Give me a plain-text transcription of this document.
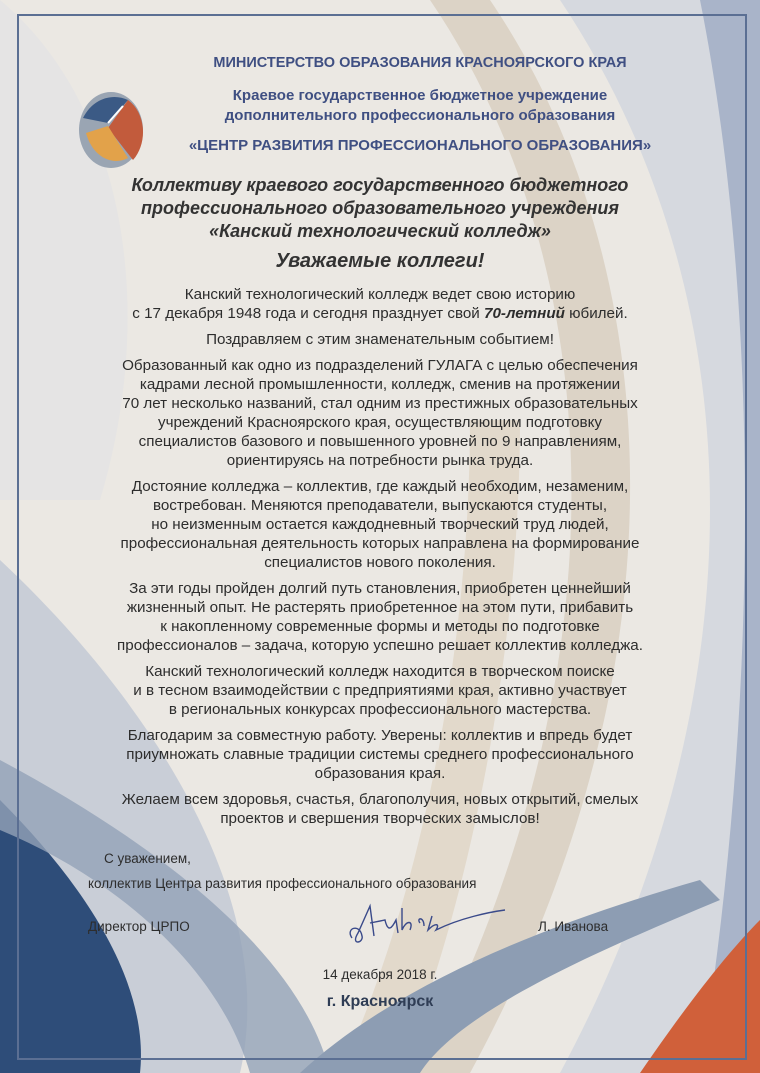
МИНИСТЕРСТВО ОБРАЗОВАНИЯ КРАСНОЯРСКОГО КРАЯ
Краевое государственное бюджетное учреждение
дополнительного профессионального образования
«ЦЕНТР РАЗВИТИЯ ПРОФЕССИОНАЛЬНОГО ОБРАЗОВАНИЯ»
Коллективу краевого государственного бюджетного
профессионального образовательного учреждения
«Канский технологический колледж»
Уважаемые коллеги!

Канский технологический колледж ведет свою историю
с 17 декабря 1948 года и сегодня празднует свой 70-летний юбилей.

Поздравляем с этим знаменательным событием!

Образованный как одно из подразделений ГУЛАГА с целью обеспечения
кадрами лесной промышленности, колледж, сменив на протяжении
70 лет несколько названий, стал одним из престижных образовательных
учреждений Красноярского края, осуществляющим подготовку
специалистов базового и повышенного уровней по 9 направлениям,
ориентируясь на потребности рынка труда.

Достояние колледжа – коллектив, где каждый необходим, незаменим,
востребован. Меняются преподаватели, выпускаются студенты,
но неизменным остается каждодневный творческий труд людей,
профессиональная деятельность которых направлена на формирование
специалистов нового поколения.

За эти годы пройден долгий путь становления, приобретен ценнейший
жизненный опыт. Не растерять приобретенное на этом пути, прибавить
к накопленному современные формы и методы по подготовке
профессионалов – задача, которую успешно решает коллектив колледжа.

Канский технологический колледж находится в творческом поиске
и в тесном взаимодействии с предприятиями края, активно участвует
в региональных конкурсах профессионального мастерства.

Благодарим за совместную работу. Уверены: коллектив и впредь будет
приумножать славные традиции системы среднего профессионального
образования края.

Желаем всем здоровья, счастья, благополучия, новых открытий, смелых
проектов и свершения творческих замыслов!

С уважением,
коллектив Центра развития профессионального образования
Директор ЦРПО	Л. Иванова
14 декабря 2018 г.
г. Красноярск
